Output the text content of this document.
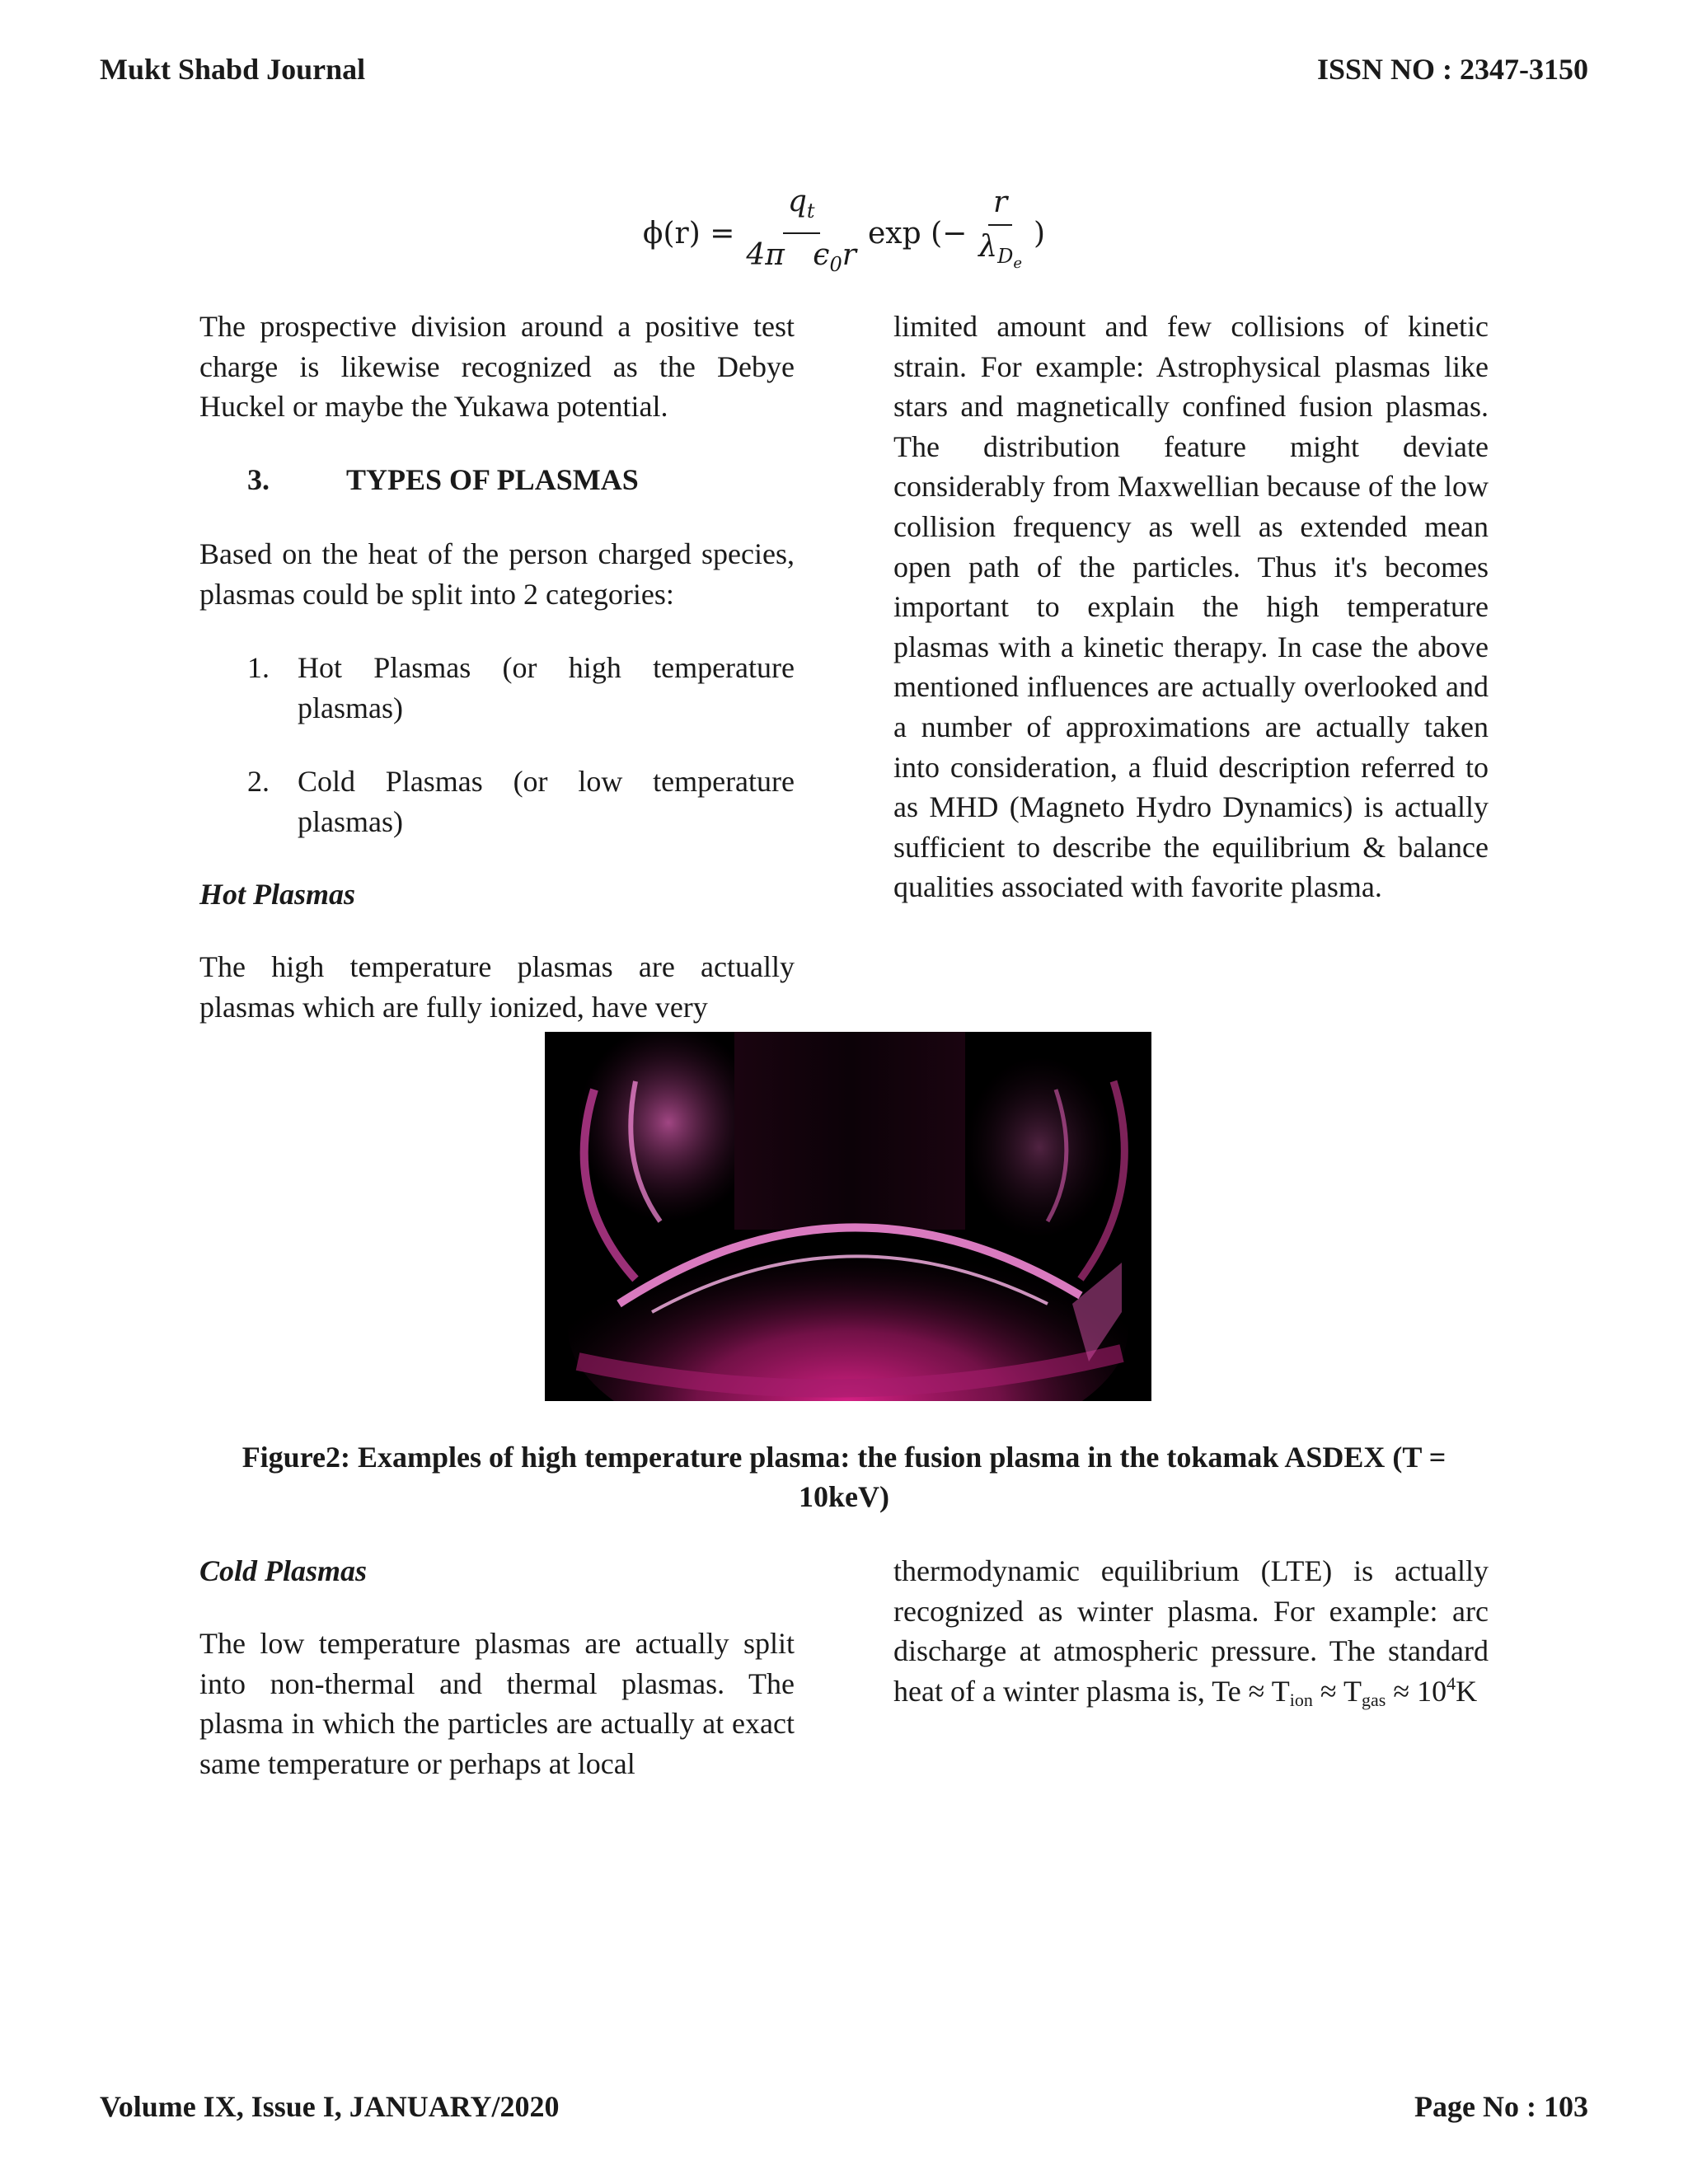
Mukt Shabd Journal	ISSN NO : 2347-3150
$\phi(r) = \frac{q_t}{4\pi \epsilon_0r}$ exp (− $\frac{r}{\lambda_{D_e}}$ )

The prospective division around a positive test charge is likewise recognized as the Debye Huckel or maybe the Yukawa potential.

3.	TYPES OF PLASMAS

Based on the heat of the person charged species, plasmas could be split into 2 categories:

1. Hot Plasmas (or high temperature plasmas)
2. Cold Plasmas (or low temperature plasmas)
Hot Plasmas

The high temperature plasmas are actually plasmas which are fully ionized, have very

limited amount and few collisions of kinetic strain. For example: Astrophysical plasmas like stars and magnetically confined fusion plasmas. The distribution feature might deviate considerably from Maxwellian because of the low collision frequency as well as extended mean open path of the particles. Thus it's becomes important to explain the high temperature plasmas with a kinetic therapy. In case the above mentioned influences are actually overlooked and a number of approximations are actually taken into consideration, a fluid description referred to as MHD (Magneto Hydro Dynamics) is actually sufficient to describe the equilibrium & balance qualities associated with favorite plasma.

Figure2: Examples of high temperature plasma: the fusion plasma in the tokamak ASDEX (T =
10keV)
Cold Plasmas

The low temperature plasmas are actually split into non-thermal and thermal plasmas. The plasma in which the particles are actually at exact same temperature or perhaps at local

thermodynamic equilibrium (LTE) is actually recognized as winter plasma. For example: arc discharge at atmospheric pressure. The standard heat of a winter plasma is, $Te \approx T_{ion} \approx T_{gas} \approx 10^4K$

Volume IX, Issue I, JANUARY/2020	Page No : 103
